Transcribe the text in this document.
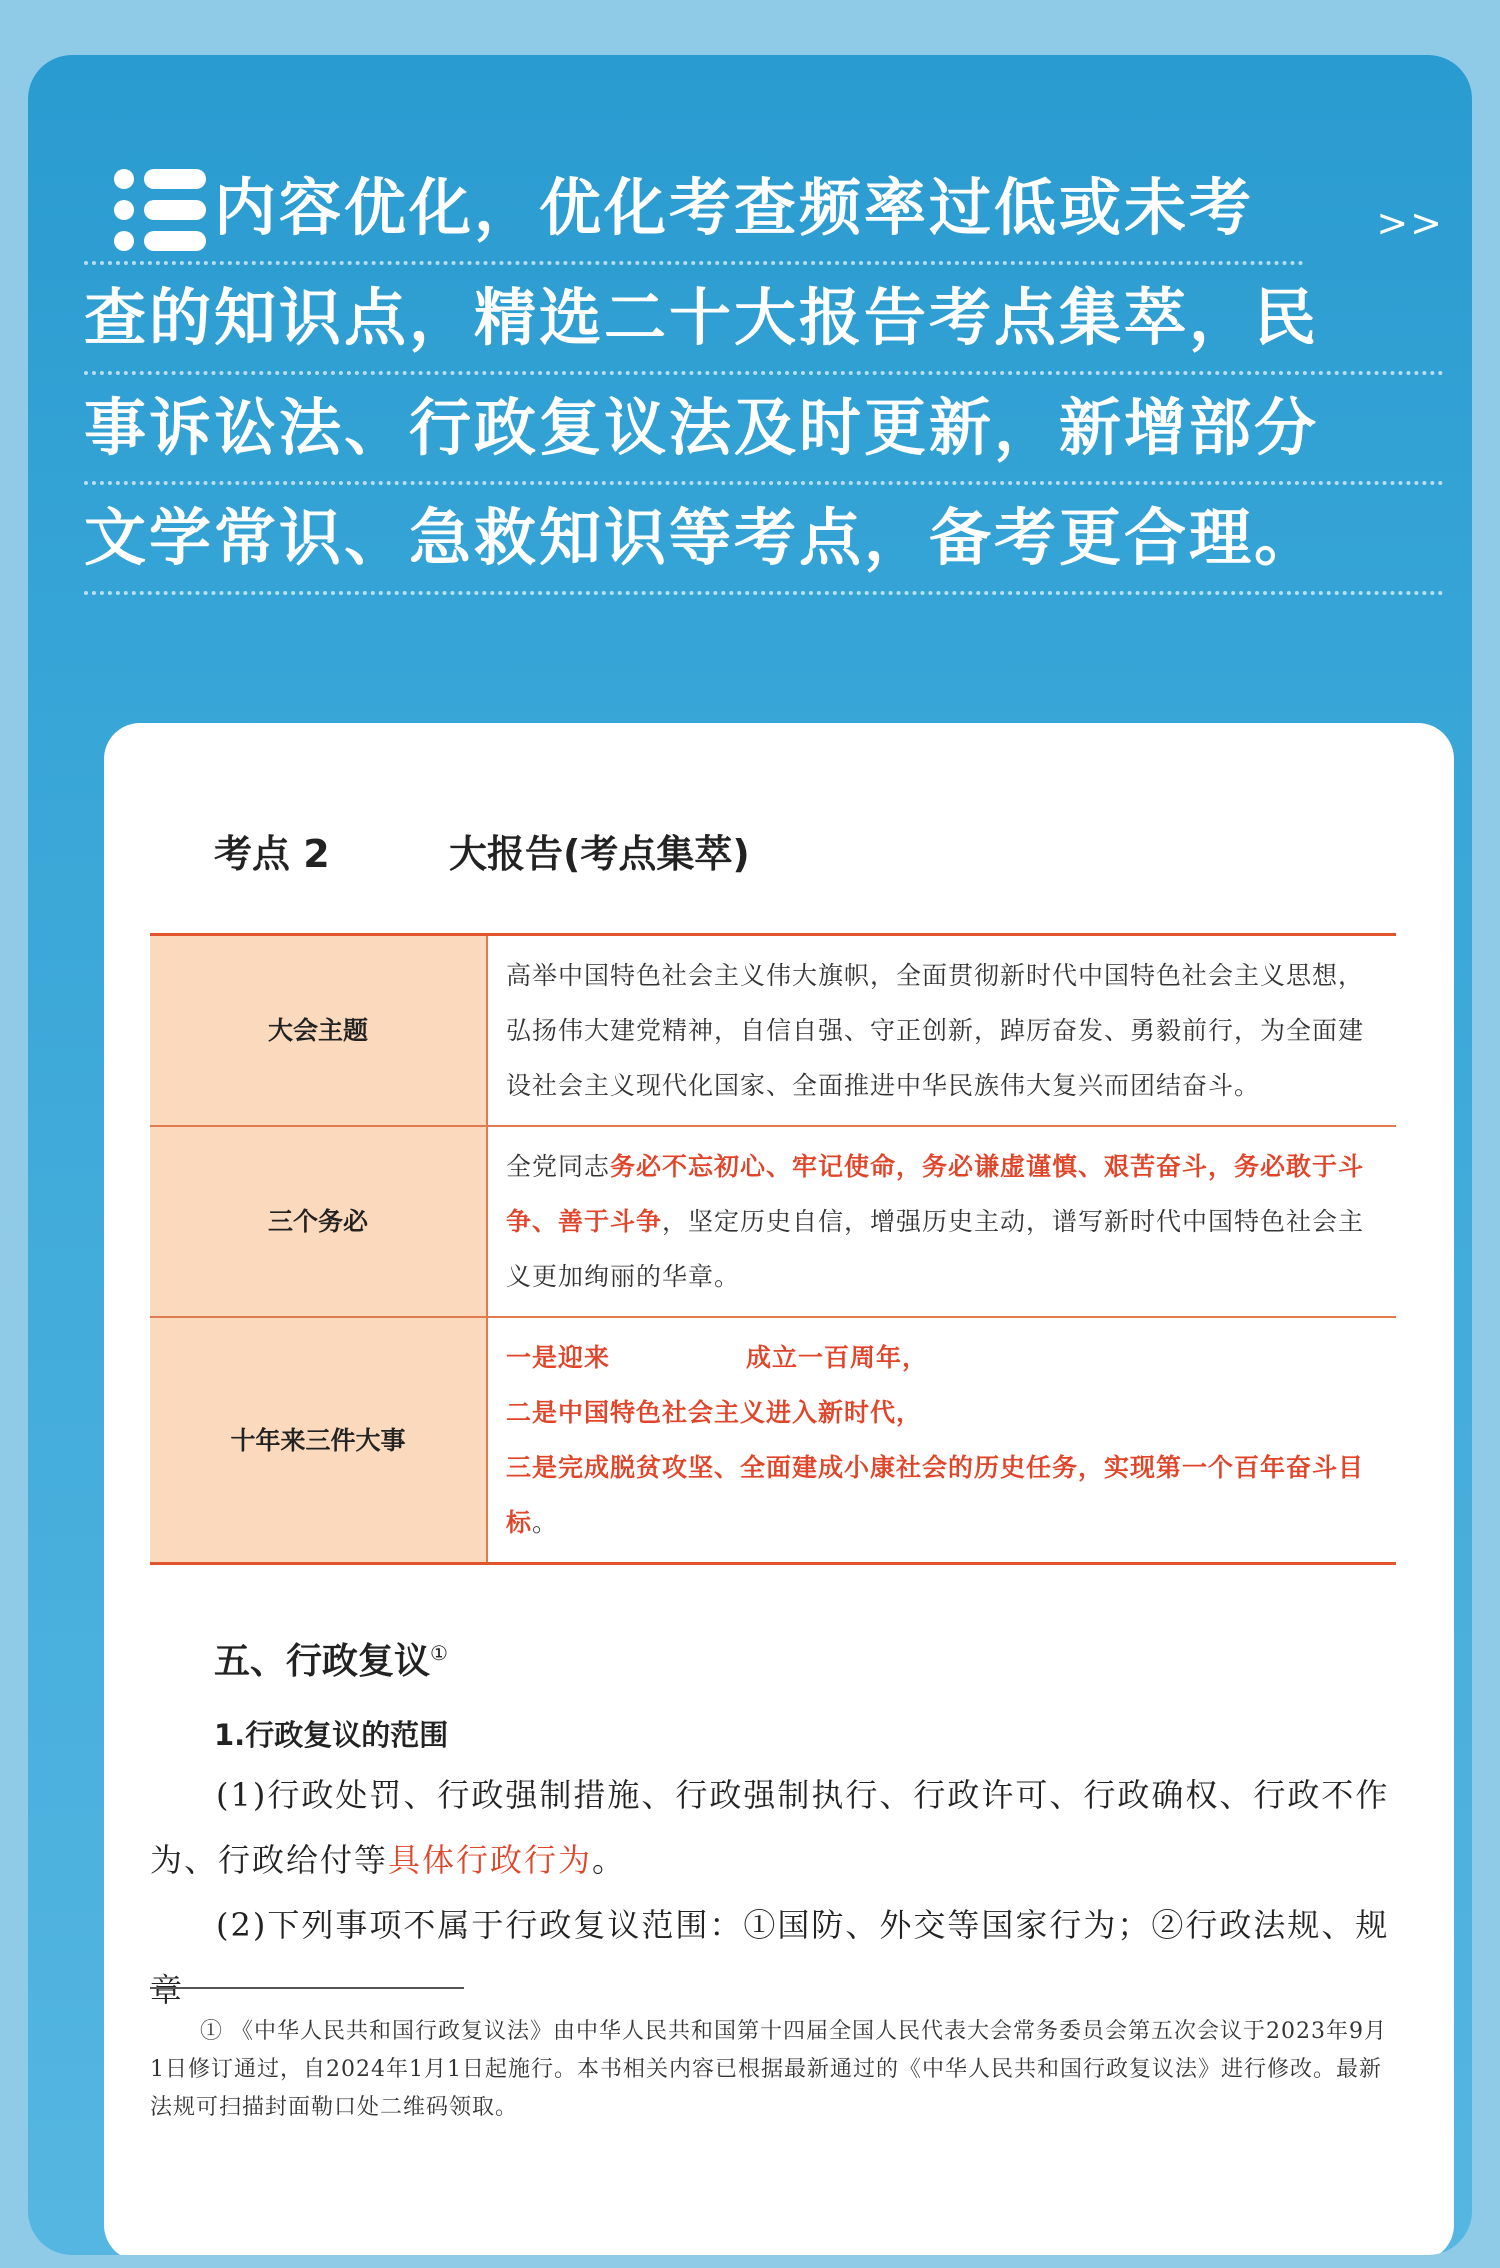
内容优化，优化考查频率过低或未考	>>
查的知识点，精选二十大报告考点集萃，民
事诉讼法、行政复议法及时更新，新增部分
文学常识、急救知识等考点，备考更合理。
考点 2	大报告(考点集萃)
大会主题	高举中国特色社会主义伟大旗帜，全面贯彻新时代中国特色社会主义思想，弘扬伟大建党精神，自信自强、守正创新，踔厉奋发、勇毅前行，为全面建设社会主义现代化国家、全面推进中华民族伟大复兴而团结奋斗。
三个务必	全党同志务必不忘初心、牢记使命，务必谦虚谨慎、艰苦奋斗，务必敢于斗争、善于斗争，坚定历史自信，增强历史主动，谱写新时代中国特色社会主义更加绚丽的华章。
十年来三件大事	一是迎来 成立一百周年，
二是中国特色社会主义进入新时代，
三是完成脱贫攻坚、全面建成小康社会的历史任务，实现第一个百年奋斗目标。
五、行政复议①
1.行政复议的范围
(1)行政处罚、行政强制措施、行政强制执行、行政许可、行政确权、行政不作为、行政给付等具体行政行为。
(2)下列事项不属于行政复议范围：①国防、外交等国家行为；②行政法规、规章
① 《中华人民共和国行政复议法》由中华人民共和国第十四届全国人民代表大会常务委员会第五次会议于2023年9月1日修订通过，自2024年1月1日起施行。本书相关内容已根据最新通过的《中华人民共和国行政复议法》进行修改。最新法规可扫描封面勒口处二维码领取。
